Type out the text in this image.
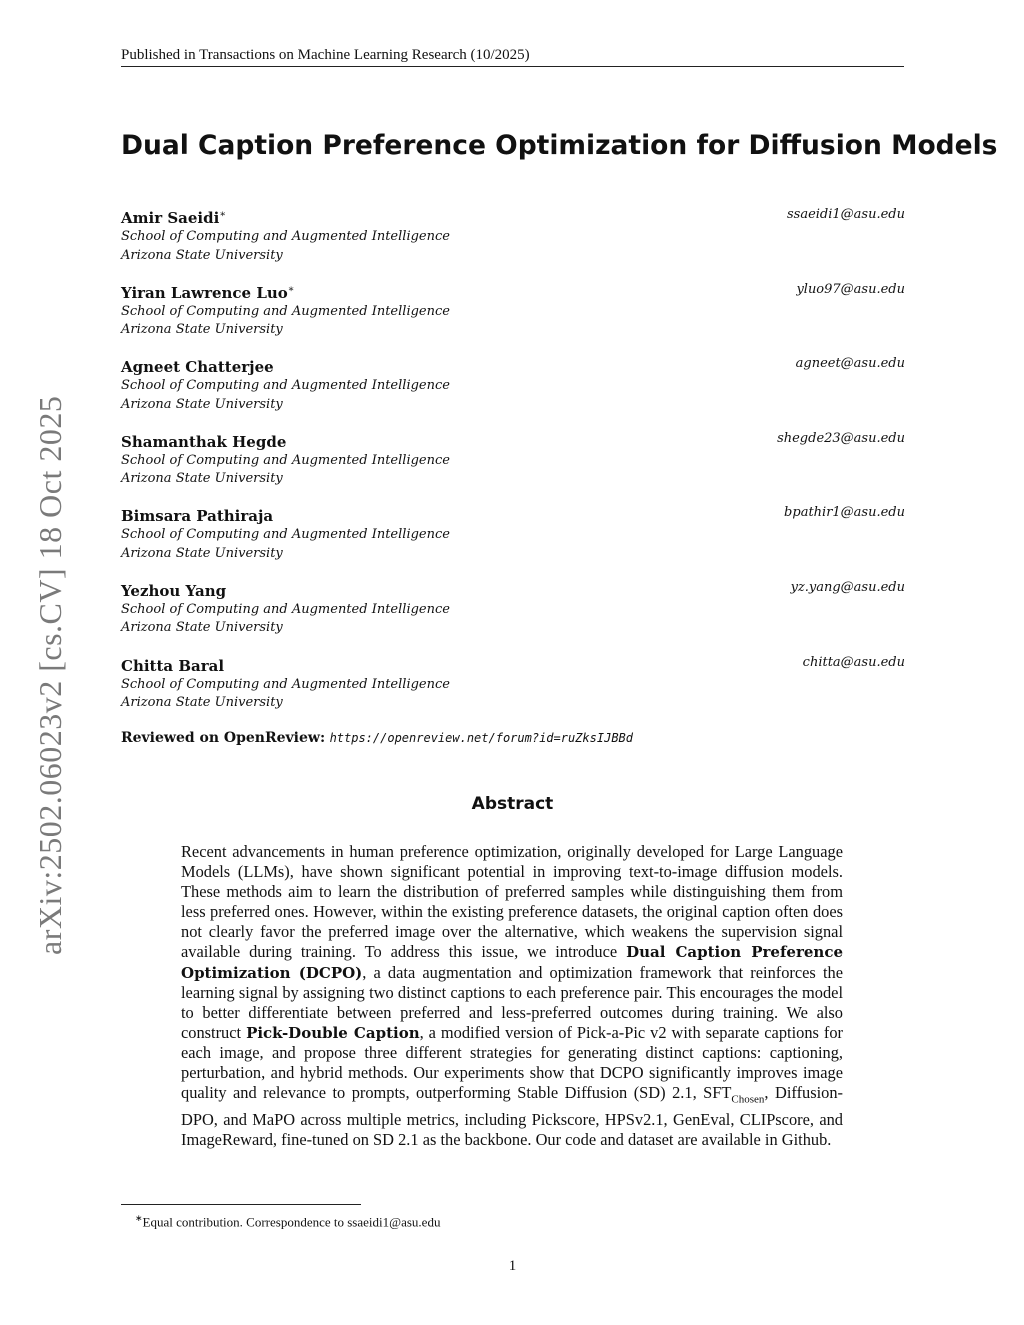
Published in Transactions on Machine Learning Research (10/2025)
arXiv:2502.06023v2 [cs.CV] 18 Oct 2025
Dual Caption Preference Optimization for Diffusion Models
Amir Saeidi∗	ssaeidi1@asu.edu
School of Computing and Augmented Intelligence
Arizona State University
Yiran Lawrence Luo∗	yluo97@asu.edu
School of Computing and Augmented Intelligence
Arizona State University
Agneet Chatterjee	agneet@asu.edu
School of Computing and Augmented Intelligence
Arizona State University
Shamanthak Hegde	shegde23@asu.edu
School of Computing and Augmented Intelligence
Arizona State University
Bimsara Pathiraja	bpathir1@asu.edu
School of Computing and Augmented Intelligence
Arizona State University
Yezhou Yang	yz.yang@asu.edu
School of Computing and Augmented Intelligence
Arizona State University
Chitta Baral	chitta@asu.edu
School of Computing and Augmented Intelligence
Arizona State University
Reviewed on OpenReview: https://openreview.net/forum?id=ruZksIJBBd
Abstract

Recent advancements in human preference optimization, originally developed for Large Language Models (LLMs), have shown significant potential in improving text-to-image diffusion models. These methods aim to learn the distribution of preferred samples while distinguishing them from less preferred ones. However, within the existing preference datasets, the original caption often does not clearly favor the preferred image over the alternative, which weakens the supervision signal available during training. To address this issue, we introduce Dual Caption Preference Optimization (DCPO), a data augmentation and optimization framework that reinforces the learning signal by assigning two distinct captions to each preference pair. This encourages the model to better differentiate between preferred and less-preferred outcomes during training. We also construct Pick-Double Caption, a modified version of Pick-a-Pic v2 with separate captions for each image, and propose three different strategies for generating distinct captions: captioning, perturbation, and hybrid methods. Our experiments show that DCPO significantly improves image quality and relevance to prompts, outperforming Stable Diffusion (SD) 2.1, $SFT_{Chosen}$, Diffusion-DPO, and MaPO across multiple metrics, including Pickscore, HPSv2.1, GenEval, CLIPscore, and ImageReward, fine-tuned on SD 2.1 as the backbone. Our code and dataset are available in Github.

∗Equal contribution. Correspondence to ssaeidi1@asu.edu
1
